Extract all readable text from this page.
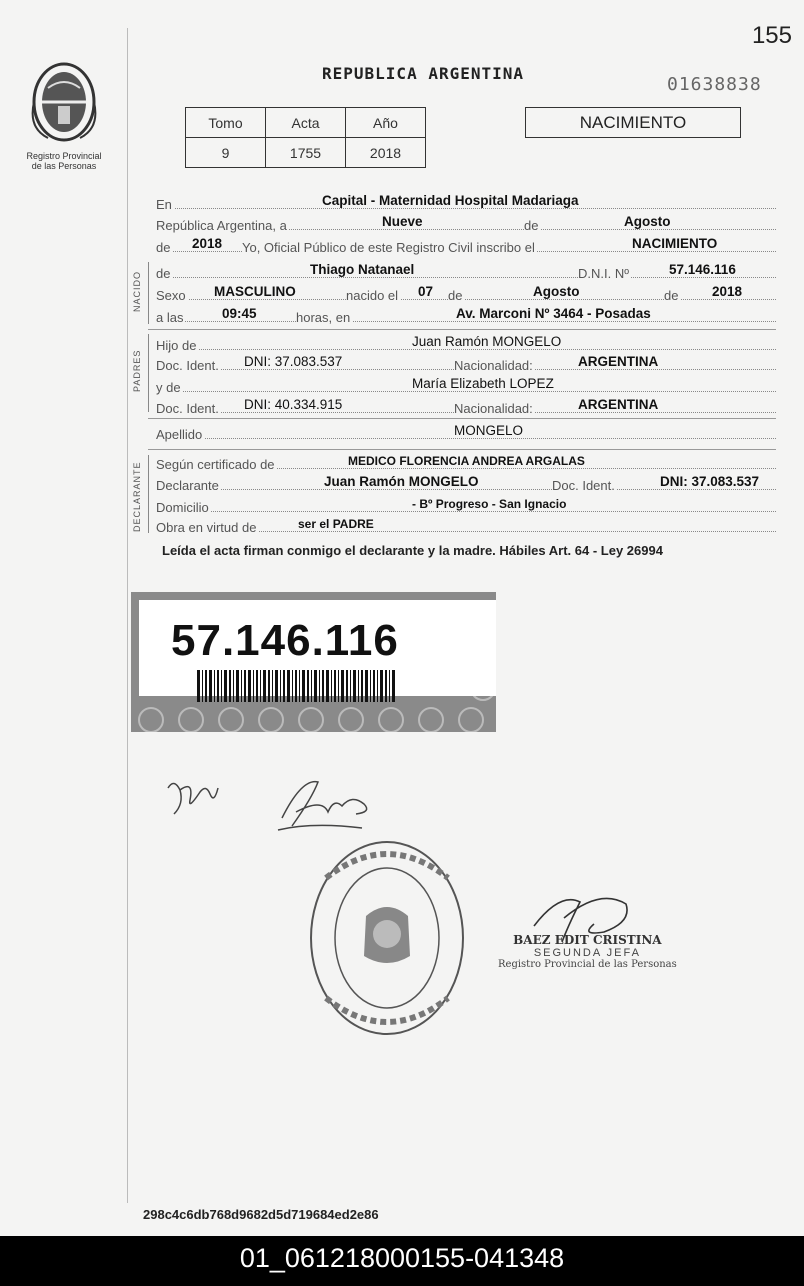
155
Registro Provincial de las Personas
REPUBLICA ARGENTINA
01638838
Tomo	Acta	Año
9	1755	2018
NACIMIENTO
En	Capital - Maternidad Hospital Madariaga
República Argentina, a	Nueve	de	Agosto
de 2018 Yo, Oficial Público de este Registro Civil inscribo el	NACIMIENTO
NACIDO de	Thiago Natanael	D.N.I. Nº	57.146.116
Sexo MASCULINO	nacido el 07 de	Agosto	de 2018
a las	09:45	horas, en	Av. Marconi Nº 3464 - Posadas
PADRES
Hijo de	Juan Ramón MONGELO
Doc. Ident. DNI: 37.083.537	Nacionalidad:	ARGENTINA
y de	María Elizabeth LOPEZ
Doc. Ident. DNI: 40.334.915	Nacionalidad:	ARGENTINA
Apellido	MONGELO
DECLARANTE Según certificado de	MEDICO FLORENCIA ANDREA ARGALAS
Declarante	Juan Ramón MONGELO	Doc. Ident.	DNI: 37.083.537
Domicilio	- Bº Progreso - San Ignacio
Obra en virtud de	ser el PADRE
Leída el acta firman conmigo el declarante y la madre. Hábiles Art. 64 - Ley 26994
57.146.116
BAEZ EDIT CRISTINA
SEGUNDA JEFA
Registro Provincial de las Personas
298c4c6db768d9682d5d719684ed2e86
01_061218000155-041348
